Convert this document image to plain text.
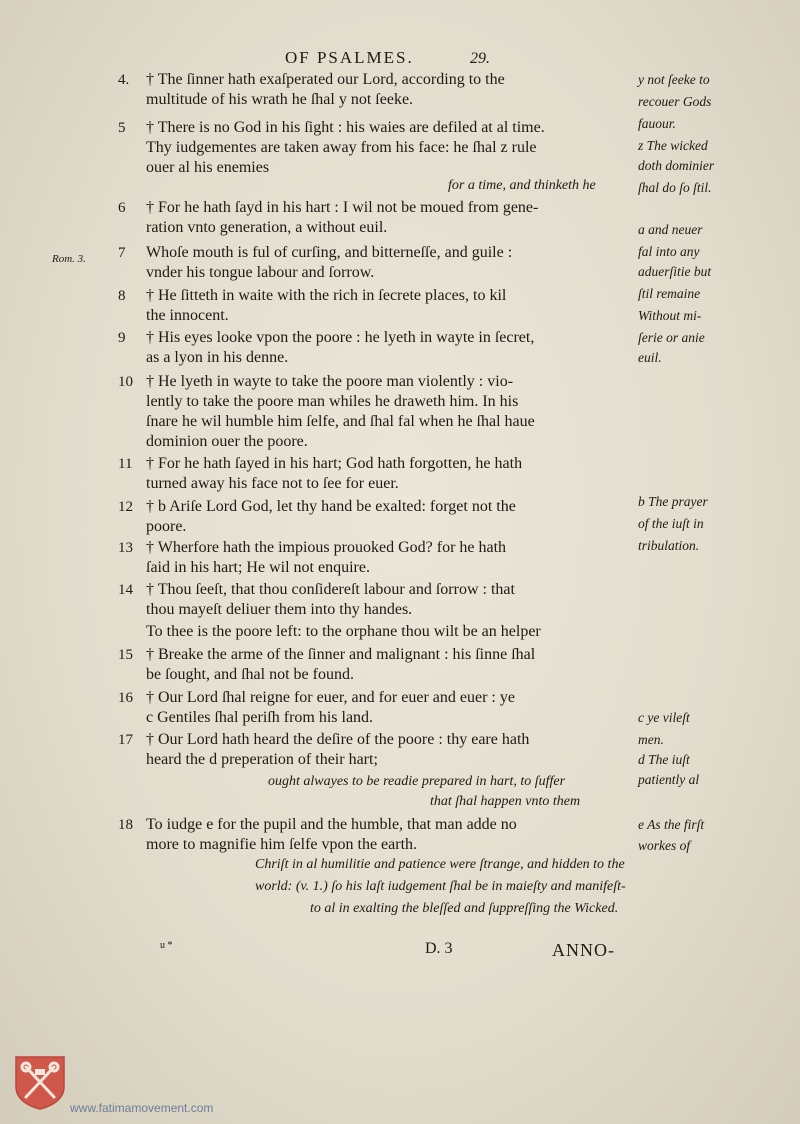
OF PSALMES.	29.
Rom. 3.
4. † The ſinner hath exaſperated our Lord, according to the
multitude of his wrath he ſhal y not ſeeke.
5 † There is no God in his ſight : his waies are defiled at al time.
Thy iudgementes are taken away from his face: he ſhal z rule
ouer al his enemies
6 † For he hath ſayd in his hart : I wil not be moued from gene-
ration vnto generation, a without euil.
7 Whoſe mouth is ful of curſing, and bitterneſſe, and guile :
vnder his tongue labour and ſorrow.
8 † He ſitteth in waite with the rich in ſecrete places, to kil
the innocent.
9 † His eyes looke vpon the poore : he lyeth in wayte in ſecret,
as a lyon in his denne.
10 † He lyeth in wayte to take the poore man violently : vio-
lently to take the poore man whiles he draweth him. In his
ſnare he wil humble him ſelfe, and ſhal fal when he ſhal haue
dominion ouer the poore.
11 † For he hath ſayed in his hart; God hath forgotten, he hath
turned away his face not to ſee for euer.
12 † b Ariſe Lord God, let thy hand be exalted: forget not the
poore.
13 † Wherfore hath the impious prouoked God? for he hath
ſaid in his hart; He wil not enquire.
14 † Thou ſeeſt, that thou conſidereſt labour and ſorrow : that
thou mayeſt deliuer them into thy handes.
To thee is the poore left: to the orphane thou wilt be an helper
15 † Breake the arme of the ſinner and malignant : his ſinne ſhal
be ſought, and ſhal not be found.
16 † Our Lord ſhal reigne for euer, and for euer and euer : ye
c Gentiles ſhal periſh from his land.
17 † Our Lord hath heard the deſire of the poore : thy eare hath
heard the d preperation of their hart;
18 To iudge e for the pupil and the humble, that man adde no
more to magnifie him ſelfe vpon the earth.
for a time, and thinketh he
ought alwayes to be readie prepared in hart, to ſuffer
that ſhal happen vnto them
Chriſt in al humilitie and patience were ſtrange, and hidden to the
world: (v. 1.) ſo his laſt iudgement ſhal be in maieſty and manifeſt-
to al in exalting the bleſſed and ſuppreſſing the Wicked.
y not ſeeke to
recouer Gods
fauour.
z The wicked
doth dominier
ſhal do ſo ſtil.
a and neuer
fal into any
aduerſitie but
ſtil remaine
Without mi-
ſerie or anie
euil.
b The prayer
of the iuſt in
tribulation.
c ye vileſt
men.
d The iuſt
patiently al
e As the firſt
workes of
u *	D. 3	ANNO-
www.fatimamovement.com
